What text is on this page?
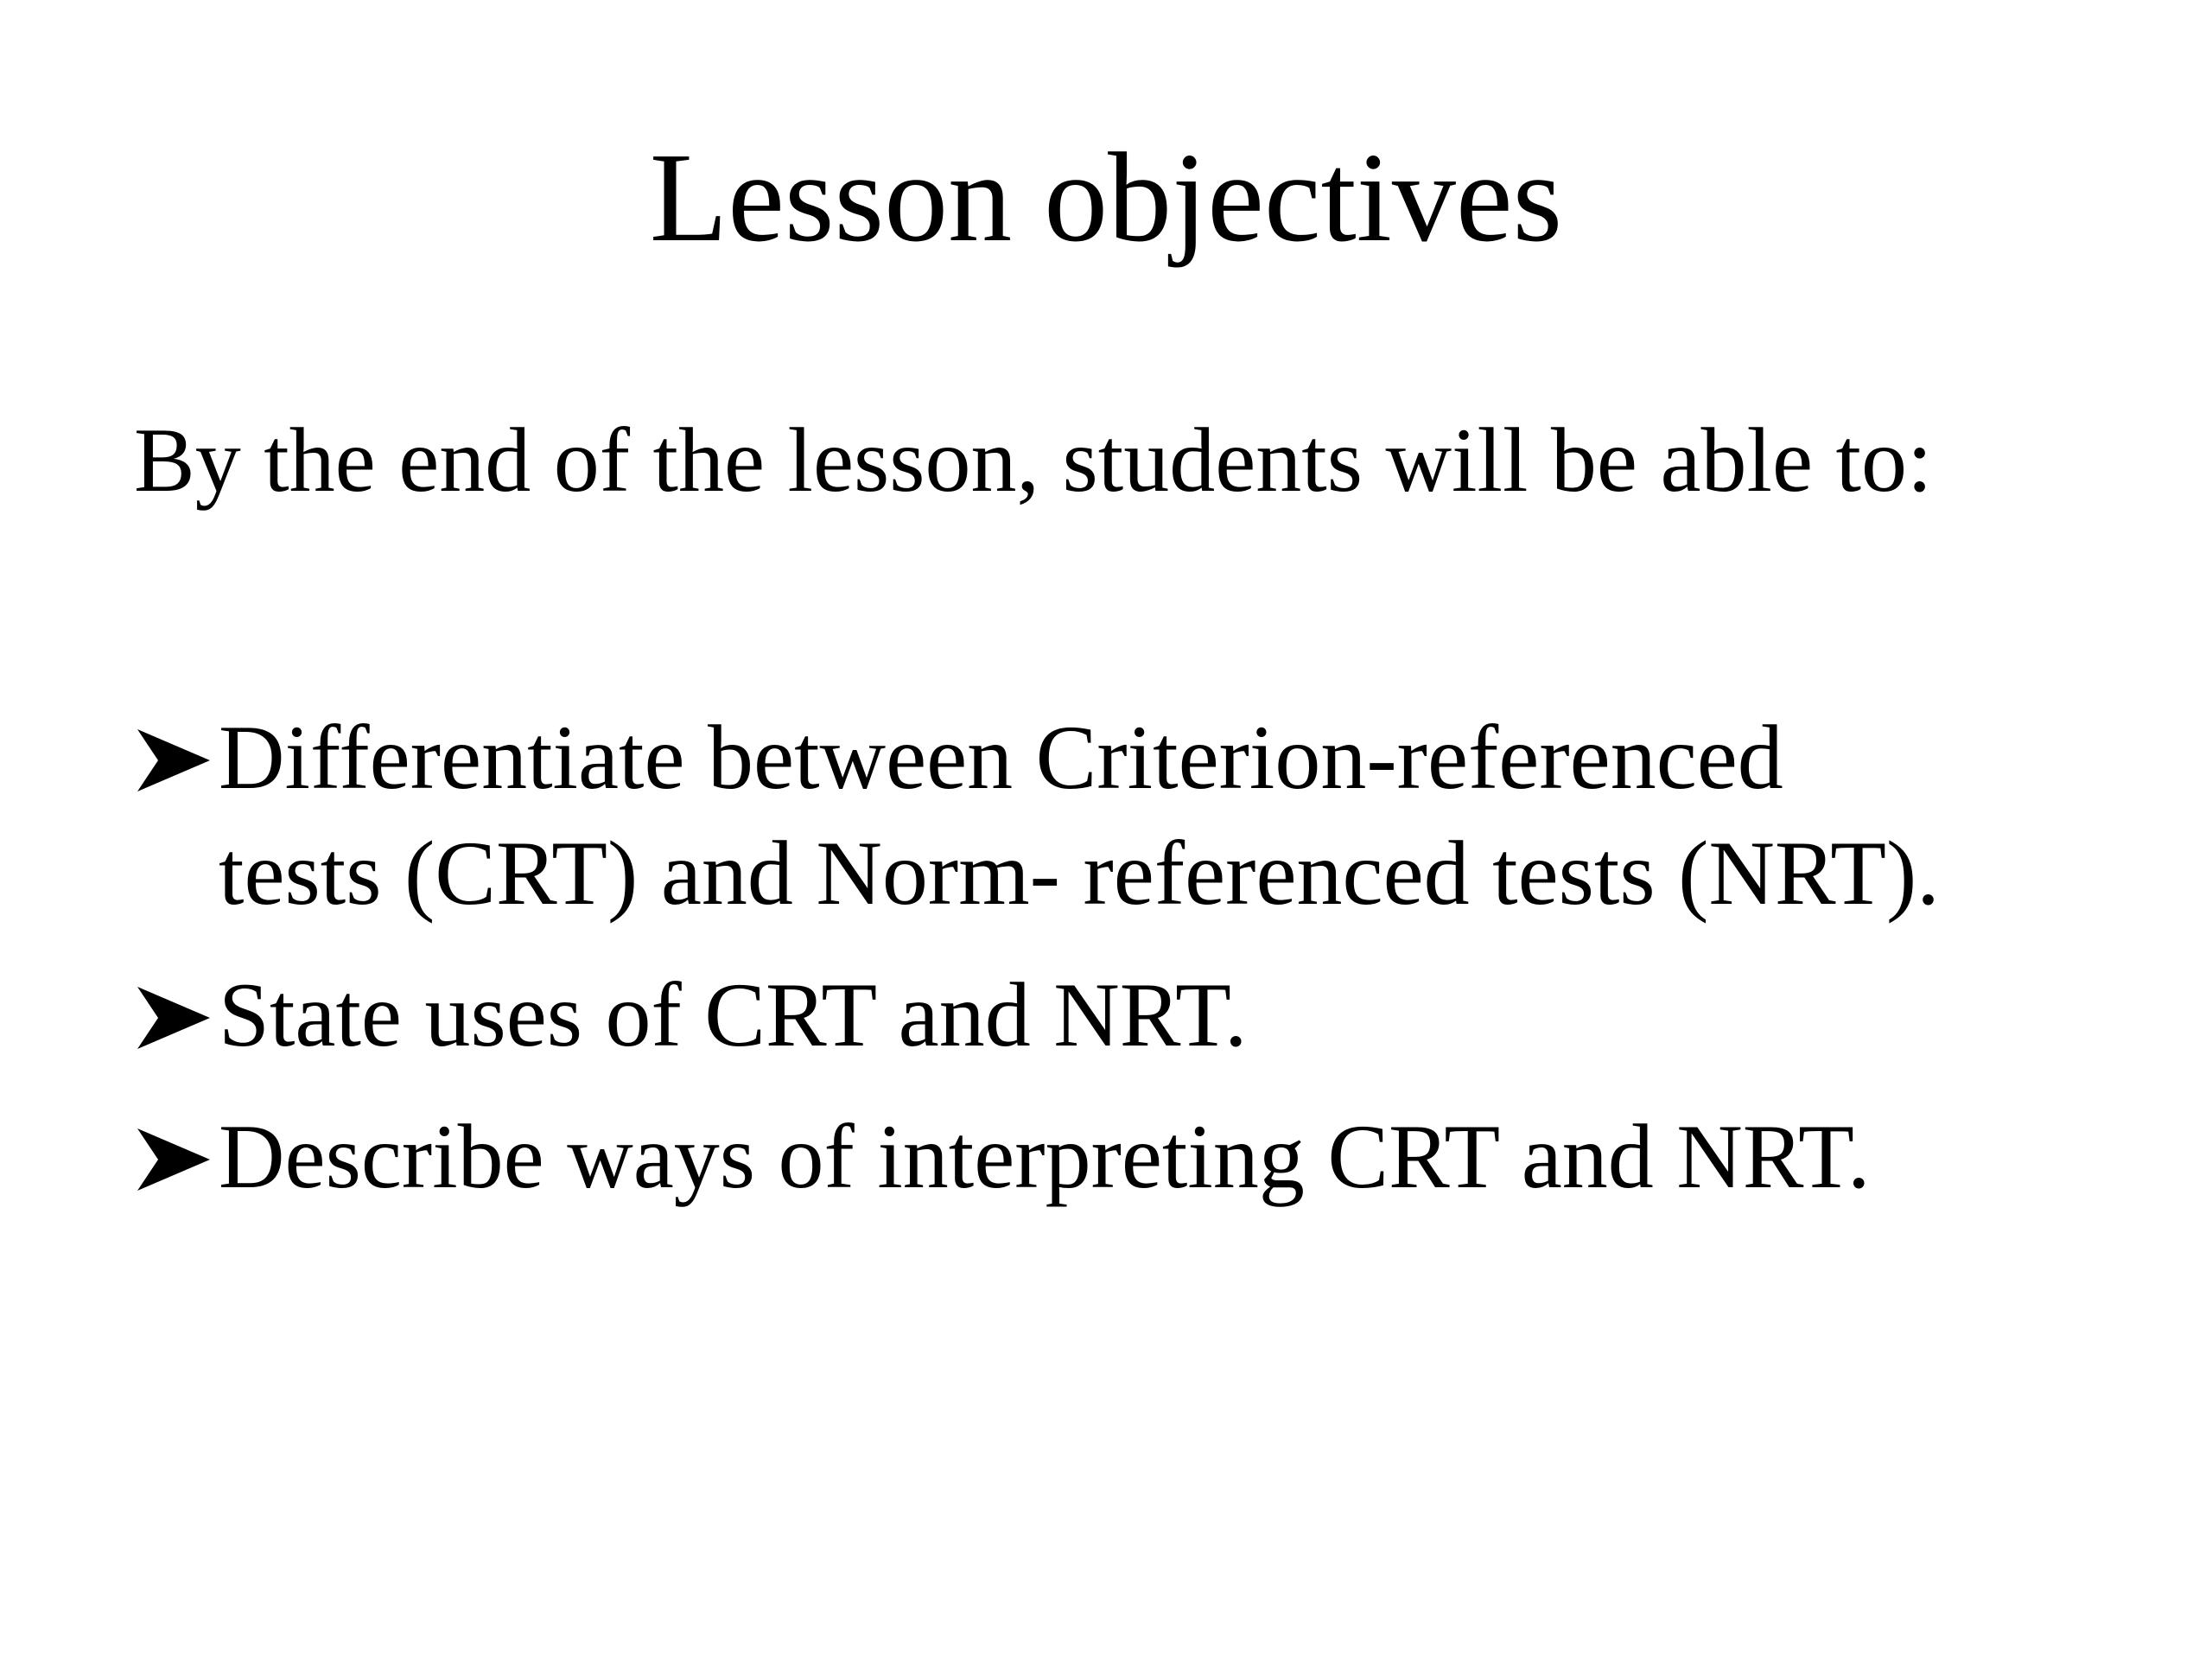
Lesson objectives

By the end of the lesson, students will be able to:

Differentiate between Criterion-referenced
tests (CRT) and Norm- referenced tests (NRT).
State uses of CRT and NRT.
Describe ways of interpreting CRT and NRT.
